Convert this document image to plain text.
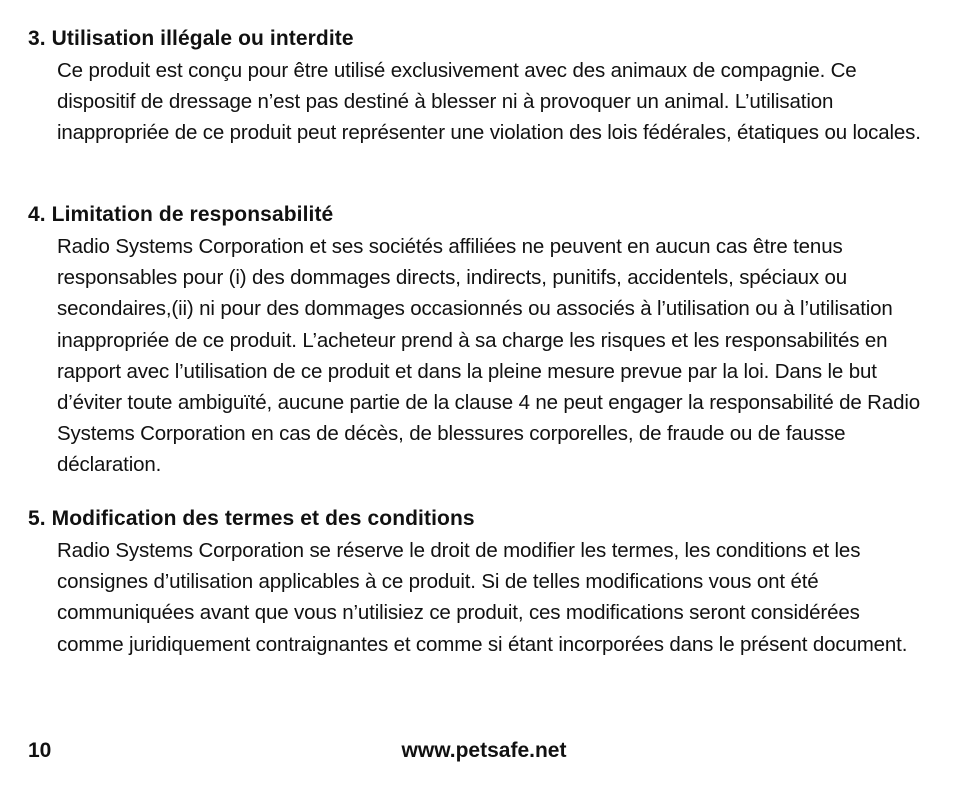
3. Utilisation illégale ou interdite

Ce produit est conçu pour être utilisé exclusivement avec des animaux de compagnie. Ce dispositif de dressage n’est pas destiné à blesser ni à provoquer un animal. L’utilisation inappropriée de ce produit peut représenter une violation des lois fédérales, étatiques ou locales.

4. Limitation de responsabilité

Radio Systems Corporation et ses sociétés affiliées ne peuvent en aucun cas être tenus responsables pour (i) des dommages directs, indirects, punitifs, accidentels, spéciaux ou secondaires,(ii) ni pour des dommages occasionnés ou associés à l’utilisation ou à l’utilisation inappropriée de ce produit. L’acheteur prend à sa charge les risques et les responsabilités en rapport avec l’utilisation de ce produit et dans la pleine mesure prevue par la loi. Dans le but d’éviter toute ambiguïté, aucune partie de la clause 4 ne peut engager la responsabilité de Radio Systems Corporation en cas de décès, de blessures corporelles, de fraude ou de fausse déclaration.

5. Modification des termes et des conditions

Radio Systems Corporation se réserve le droit de modifier les termes, les conditions et les consignes d’utilisation applicables à ce produit. Si de telles modifications vous ont été communiquées avant que vous n’utilisiez ce produit, ces modifications seront considérées comme juridiquement contraignantes et comme si étant incorporées dans le présent document.

10	www.petsafe.net
